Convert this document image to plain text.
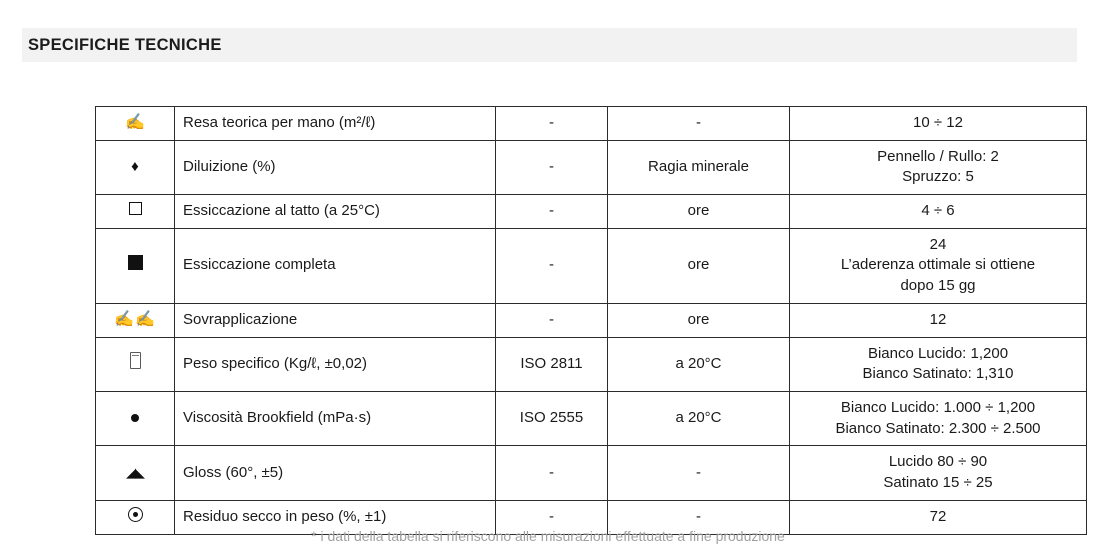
SPECIFICHE TECNICHE
✍	Resa teorica per mano (m²/ℓ)	-	-	10 ÷ 12
♦	Diluizione (%)	-	Ragia minerale	Pennello / Rullo: 2
Spruzzo: 5

	Essiccazione al tatto (a 25°C)	-	ore	4 ÷ 6
	Essiccazione completa	-	ore	24
L’aderenza ottimale si ottiene
dopo 15 gg

✍✍	Sovrapplicazione	-	ore	12
	Peso specifico (Kg/ℓ, ±0,02)	ISO 2811	a 20°C	Bianco Lucido: 1,200
Bianco Satinato: 1,310

	Viscosità Brookfield (mPa·s)	ISO 2555	a 20°C	Bianco Lucido: 1.000 ÷ 1,200
Bianco Satinato: 2.300 ÷ 2.500

◢◣	Gloss (60°, ±5)	-	-	Lucido 80 ÷ 90
Satinato 15 ÷ 25

	Residuo secco in peso (%, ±1)	-	-	72
* i dati della tabella si riferiscono alle misurazioni effettuate a fine produzione
